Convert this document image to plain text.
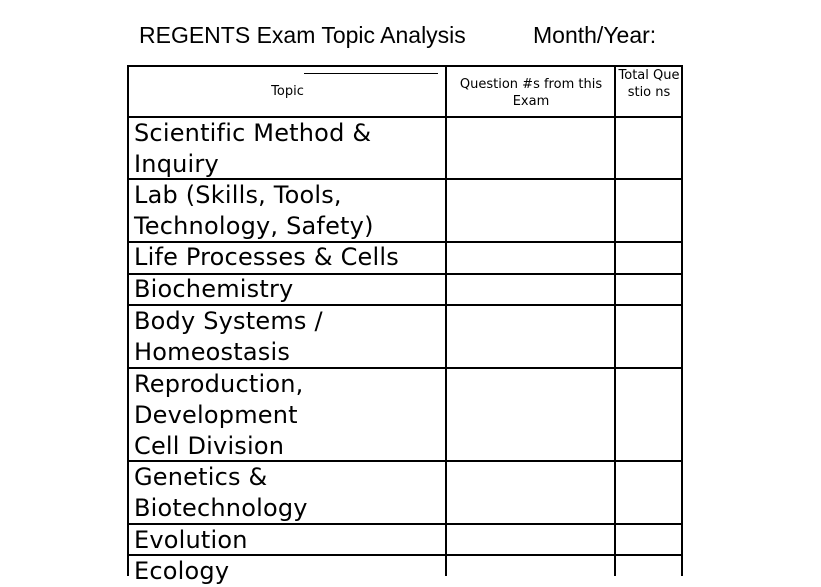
REGENTS Exam Topic Analysis	Month/Year:
Topic	Question #s from this Exam
Total Questio ns
Scientific Method &
Inquiry
Lab (Skills, Tools,
Technology, Safety)
Life Processes & Cells
Biochemistry
Body Systems /
Homeostasis
Reproduction,
Development
Cell Division
Genetics &
Biotechnology
Evolution
Ecology
